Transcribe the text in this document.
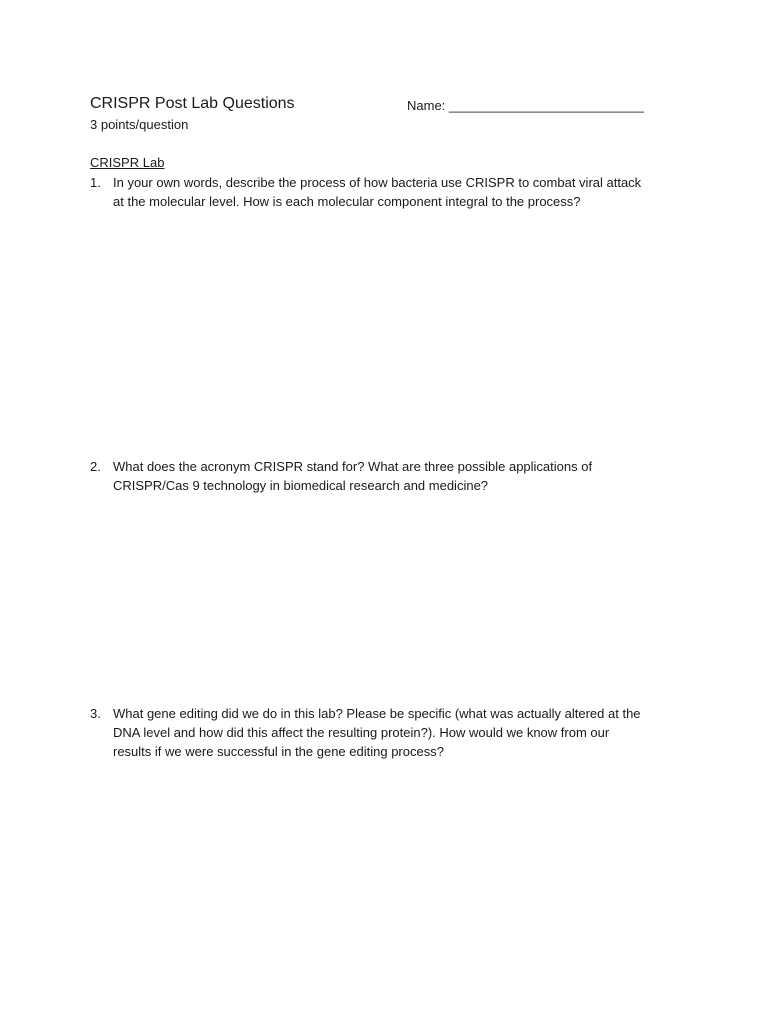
CRISPR Post Lab Questions	Name: ___________________________
3 points/question
CRISPR Lab
1. In your own words, describe the process of how bacteria use CRISPR to combat viral attack
at the molecular level. How is each molecular component integral to the process?
2. What does the acronym CRISPR stand for? What are three possible applications of
CRISPR/Cas 9 technology in biomedical research and medicine?
3. What gene editing did we do in this lab? Please be specific (what was actually altered at the
DNA level and how did this affect the resulting protein?). How would we know from our
results if we were successful in the gene editing process?
